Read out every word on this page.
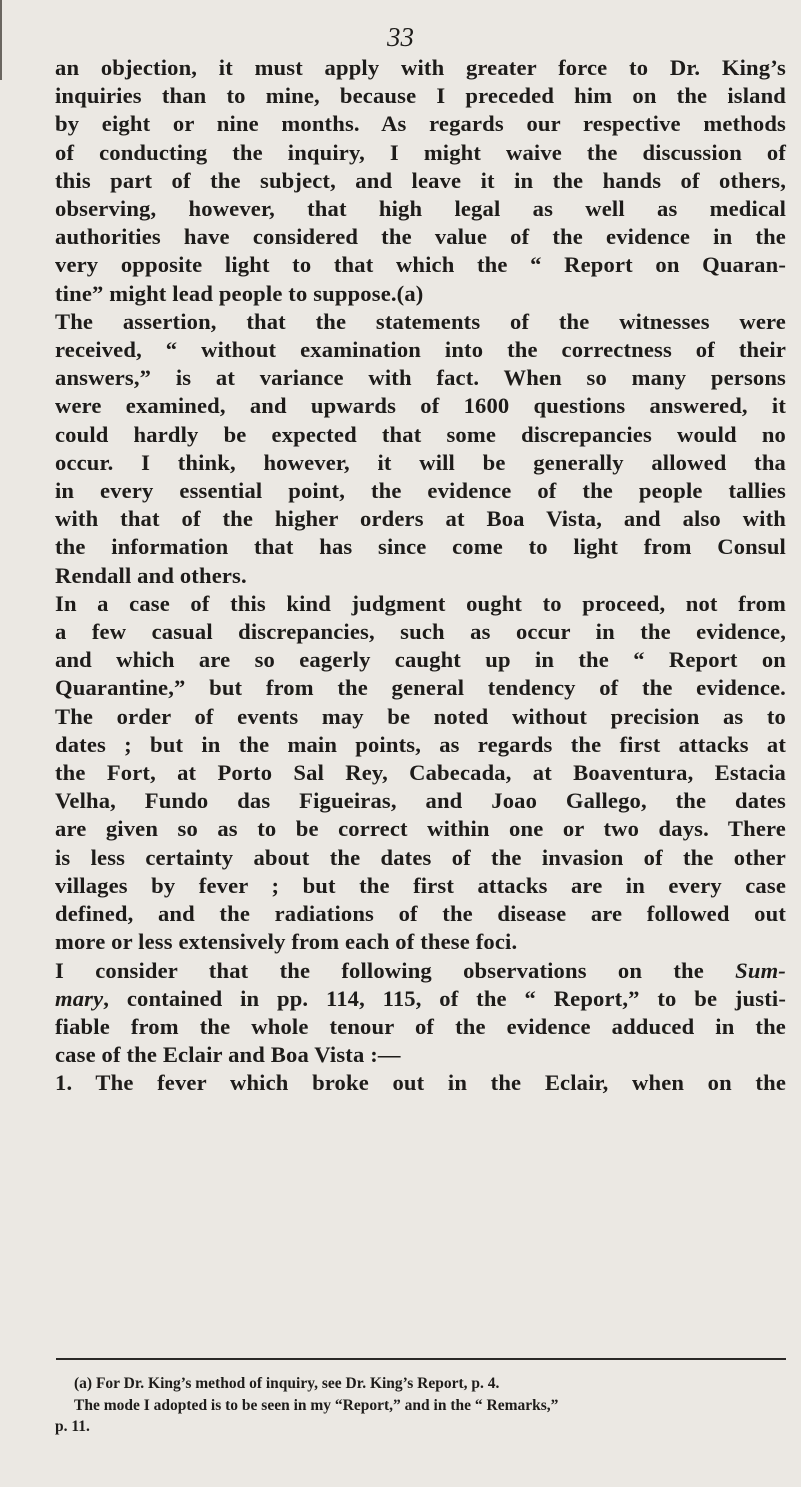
33
an objection, it must apply with greater force to Dr. King’s
inquiries than to mine, because I preceded him on the island
by eight or nine months. As regards our respective methods
of conducting the inquiry, I might waive the discussion of
this part of the subject, and leave it in the hands of others,
observing, however, that high legal as well as medical
authorities have considered the value of the evidence in the
very opposite light to that which the “ Report on Quaran-
tine” might lead people to suppose.(a)
The assertion, that the statements of the witnesses were
received, “ without examination into the correctness of their
answers,” is at variance with fact. When so many persons
were examined, and upwards of 1600 questions answered, it
could hardly be expected that some discrepancies would no
occur. I think, however, it will be generally allowed tha
in every essential point, the evidence of the people tallies
with that of the higher orders at Boa Vista, and also with
the information that has since come to light from Consul
Rendall and others.
In a case of this kind judgment ought to proceed, not from
a few casual discrepancies, such as occur in the evidence,
and which are so eagerly caught up in the “ Report on
Quarantine,” but from the general tendency of the evidence.
The order of events may be noted without precision as to
dates ; but in the main points, as regards the first attacks at
the Fort, at Porto Sal Rey, Cabecada, at Boaventura, Estacia
Velha, Fundo das Figueiras, and Joao Gallego, the dates
are given so as to be correct within one or two days. There
is less certainty about the dates of the invasion of the other
villages by fever ; but the first attacks are in every case
defined, and the radiations of the disease are followed out
more or less extensively from each of these foci.
I consider that the following observations on the Sum-
mary, contained in pp. 114, 115, of the “ Report,” to be justi-
fiable from the whole tenour of the evidence adduced in the
case of the Eclair and Boa Vista :—
1. The fever which broke out in the Eclair, when on the
(a) For Dr. King’s method of inquiry, see Dr. King’s Report, p. 4.
The mode I adopted is to be seen in my “Report,” and in the “ Remarks,”
p. 11.
